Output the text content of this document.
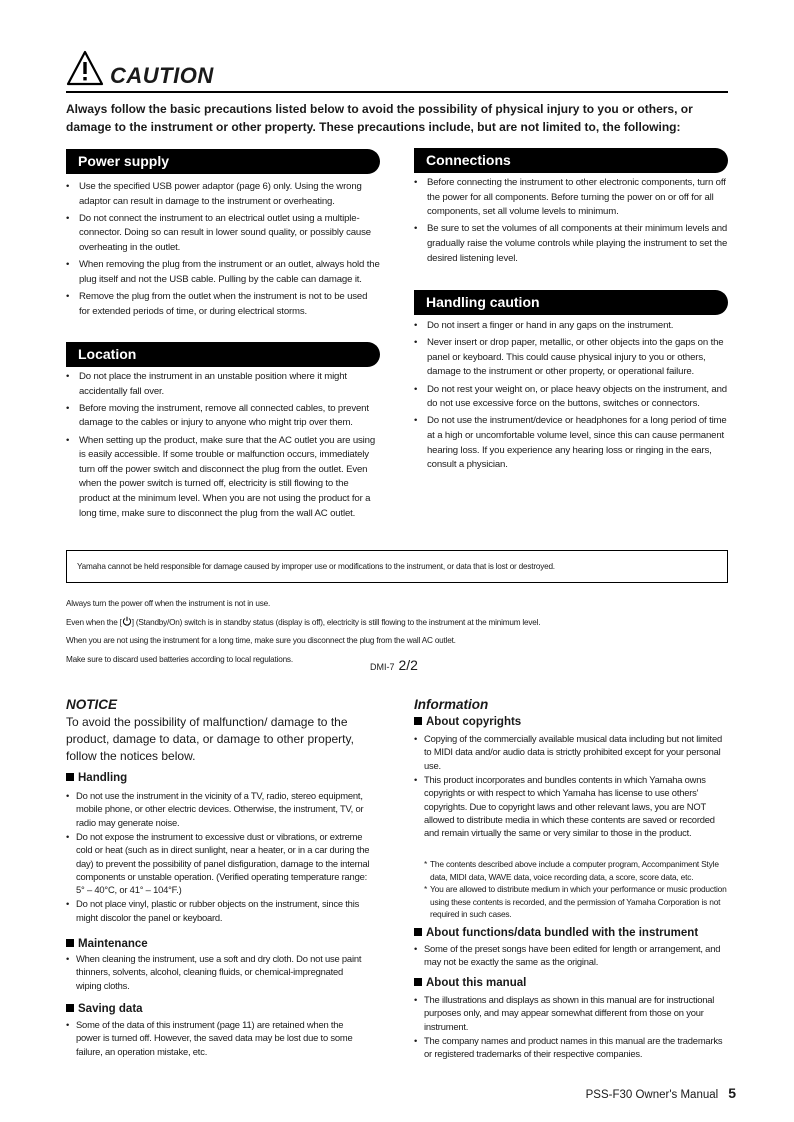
CAUTION
Always follow the basic precautions listed below to avoid the possibility of physical injury to you or others, or damage to the instrument or other property. These precautions include, but are not limited to, the following:
Power supply
• Use the specified USB power adaptor (page 6) only. Using the wrong adaptor can result in damage to the instrument or overheating.
• Do not connect the instrument to an electrical outlet using a multiple-connector. Doing so can result in lower sound quality, or possibly cause overheating in the outlet.
• When removing the plug from the instrument or an outlet, always hold the plug itself and not the USB cable. Pulling by the cable can damage it.
• Remove the plug from the outlet when the instrument is not to be used for extended periods of time, or during electrical storms.
Location
• Do not place the instrument in an unstable position where it might accidentally fall over.
• Before moving the instrument, remove all connected cables, to prevent damage to the cables or injury to anyone who might trip over them.
• When setting up the product, make sure that the AC outlet you are using is easily accessible. If some trouble or malfunction occurs, immediately turn off the power switch and disconnect the plug from the outlet. Even when the power switch is turned off, electricity is still flowing to the product at the minimum level. When you are not using the product for a long time, make sure to disconnect the plug from the wall AC outlet.
Connections
• Before connecting the instrument to other electronic components, turn off the power for all components. Before turning the power on or off for all components, set all volume levels to minimum.
• Be sure to set the volumes of all components at their minimum levels and gradually raise the volume controls while playing the instrument to set the desired listening level.
Handling caution
• Do not insert a finger or hand in any gaps on the instrument.
• Never insert or drop paper, metallic, or other objects into the gaps on the panel or keyboard. This could cause physical injury to you or others, damage to the instrument or other property, or operational failure.
• Do not rest your weight on, or place heavy objects on the instrument, and do not use excessive force on the buttons, switches or connectors.
• Do not use the instrument/device or headphones for a long period of time at a high or uncomfortable volume level, since this can cause permanent hearing loss. If you experience any hearing loss or ringing in the ears, consult a physician.
Yamaha cannot be held responsible for damage caused by improper use or modifications to the instrument, or data that is lost or destroyed.
Always turn the power off when the instrument is not in use.
Even when the [ ] (Standby/On) switch is in standby status (display is off), electricity is still flowing to the instrument at the minimum level.
When you are not using the instrument for a long time, make sure you disconnect the plug from the wall AC outlet.
Make sure to discard used batteries according to local regulations.
DMI-7 2/2
NOTICE
To avoid the possibility of malfunction/ damage to the product, damage to data, or damage to other property, follow the notices below.
Handling
• Do not use the instrument in the vicinity of a TV, radio, stereo equipment, mobile phone, or other electric devices. Otherwise, the instrument, TV, or radio may generate noise.
• Do not expose the instrument to excessive dust or vibrations, or extreme cold or heat (such as in direct sunlight, near a heater, or in a car during the day) to prevent the possibility of panel disfiguration, damage to the internal components or unstable operation. (Verified operating temperature range: 5° – 40°C, or 41° – 104°F.)
• Do not place vinyl, plastic or rubber objects on the instrument, since this might discolor the panel or keyboard.
Maintenance
• When cleaning the instrument, use a soft and dry cloth. Do not use paint thinners, solvents, alcohol, cleaning fluids, or chemical-impregnated wiping cloths.
Saving data
• Some of the data of this instrument (page 11) are retained when the power is turned off. However, the saved data may be lost due to some failure, an operation mistake, etc.
Information
About copyrights
• Copying of the commercially available musical data including but not limited to MIDI data and/or audio data is strictly prohibited except for your personal use.
• This product incorporates and bundles contents in which Yamaha owns copyrights or with respect to which Yamaha has license to use others' copyrights. Due to copyright laws and other relevant laws, you are NOT allowed to distribute media in which these contents are saved or recorded and remain virtually the same or very similar to those in the product.
* The contents described above include a computer program, Accompaniment Style data, MIDI data, WAVE data, voice recording data, a score, score data, etc.
* You are allowed to distribute medium in which your performance or music production using these contents is recorded, and the permission of Yamaha Corporation is not required in such cases.
About functions/data bundled with the instrument
• Some of the preset songs have been edited for length or arrangement, and may not be exactly the same as the original.
About this manual
• The illustrations and displays as shown in this manual are for instructional purposes only, and may appear somewhat different from those on your instrument.
• The company names and product names in this manual are the trademarks or registered trademarks of their respective companies.
PSS-F30 Owner's Manual 5
